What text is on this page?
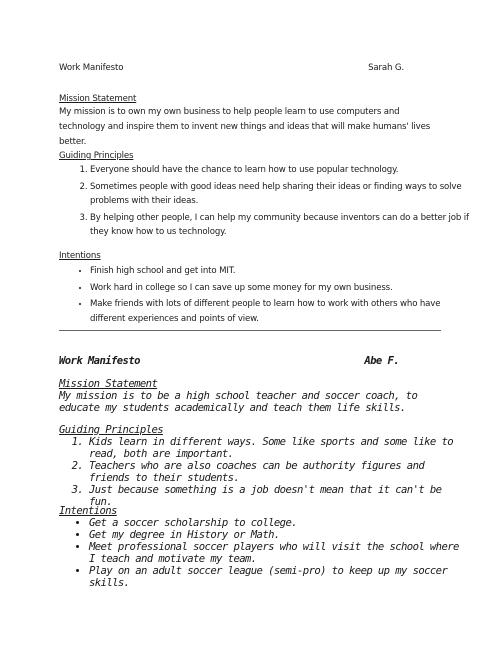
Work Manifesto	Sarah G.
Mission Statement
My mission is to own my own business to help people learn to use computers and technology and inspire them to invent new things and ideas that will make humans' lives better.
Guiding Principles
1. Everyone should have the chance to learn how to use popular technology.
2. Sometimes people with good ideas need help sharing their ideas or finding ways to solve problems with their ideas.
3. By helping other people, I can help my community because inventors can do a better job if they know how to us technology.
Intentions
• Finish high school and get into MIT.
• Work hard in college so I can save up some money for my own business.
• Make friends with lots of different people to learn how to work with others who have different experiences and points of view.
Work Manifesto	Abe F.
Mission Statement
My mission is to be a high school teacher and soccer coach, to educate my students academically and teach them life skills.
Guiding Principles
1. Kids learn in different ways. Some like sports and some like to read, both are important.
2. Teachers who are also coaches can be authority figures and friends to their students.
3. Just because something is a job doesn't mean that it can't be fun.
Intentions
• Get a soccer scholarship to college.
• Get my degree in History or Math.
• Meet professional soccer players who will visit the school where I teach and motivate my team.
• Play on an adult soccer league (semi-pro) to keep up my soccer skills.
